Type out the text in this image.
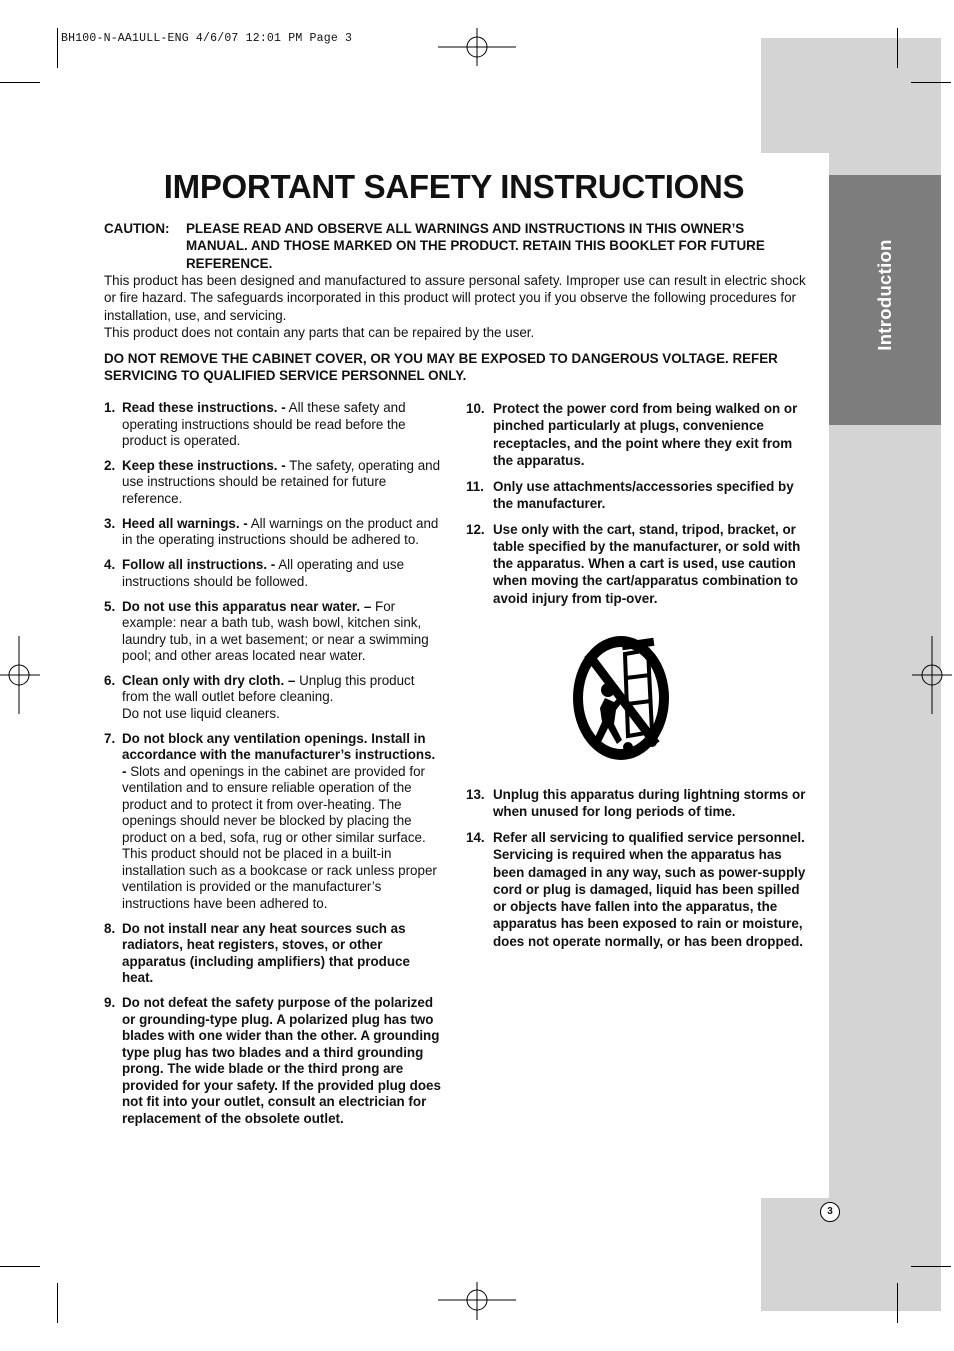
Introduction
3
BH100-N-AA1ULL-ENG 4/6/07 12:01 PM Page 3
IMPORTANT SAFETY INSTRUCTIONS
CAUTION: PLEASE READ AND OBSERVE ALL WARNINGS AND INSTRUCTIONS IN THIS OWNER’S MANUAL. AND THOSE MARKED ON THE PRODUCT. RETAIN THIS BOOKLET FOR FUTURE REFERENCE.
This product has been designed and manufactured to assure personal safety. Improper use can result in electric shock or fire hazard. The safeguards incorporated in this product will protect you if you observe the following procedures for installation, use, and servicing.
This product does not contain any parts that can be repaired by the user.
DO NOT REMOVE THE CABINET COVER, OR YOU MAY BE EXPOSED TO DANGEROUS VOLTAGE. REFER SERVICING TO QUALIFIED SERVICE PERSONNEL ONLY.
1. Read these instructions. - All these safety and operating instructions should be read before the product is operated.
2. Keep these instructions. - The safety, operating and use instructions should be retained for future reference.
3. Heed all warnings. - All warnings on the product and in the operating instructions should be adhered to.
4. Follow all instructions. - All operating and use instructions should be followed.
5. Do not use this apparatus near water. – For example: near a bath tub, wash bowl, kitchen sink, laundry tub, in a wet basement; or near a swimming pool; and other areas located near water.
6. Clean only with dry cloth. – Unplug this product from the wall outlet before cleaning.
Do not use liquid cleaners.
7. Do not block any ventilation openings. Install in accordance with the manufacturer’s instructions. - Slots and openings in the cabinet are provided for ventilation and to ensure reliable operation of the product and to protect it from over-heating. The openings should never be blocked by placing the product on a bed, sofa, rug or other similar surface. This product should not be placed in a built-in installation such as a bookcase or rack unless proper ventilation is provided or the manufacturer’s instructions have been adhered to.
8. Do not install near any heat sources such as radiators, heat registers, stoves, or other apparatus (including amplifiers) that produce heat.
9. Do not defeat the safety purpose of the polarized or grounding-type plug. A polarized plug has two blades with one wider than the other. A grounding type plug has two blades and a third grounding prong. The wide blade or the third prong are provided for your safety. If the provided plug does not fit into your outlet, consult an electrician for replacement of the obsolete outlet.
10. Protect the power cord from being walked on or pinched particularly at plugs, convenience receptacles, and the point where they exit from the apparatus.
11. Only use attachments/accessories specified by the manufacturer.
12. Use only with the cart, stand, tripod, bracket, or table specified by the manufacturer, or sold with the apparatus. When a cart is used, use caution when moving the cart/apparatus combination to avoid injury from tip-over.
13. Unplug this apparatus during lightning storms or when unused for long periods of time.
14. Refer all servicing to qualified service personnel. Servicing is required when the apparatus has been damaged in any way, such as power-supply cord or plug is damaged, liquid has been spilled or objects have fallen into the apparatus, the apparatus has been exposed to rain or moisture, does not operate normally, or has been dropped.
